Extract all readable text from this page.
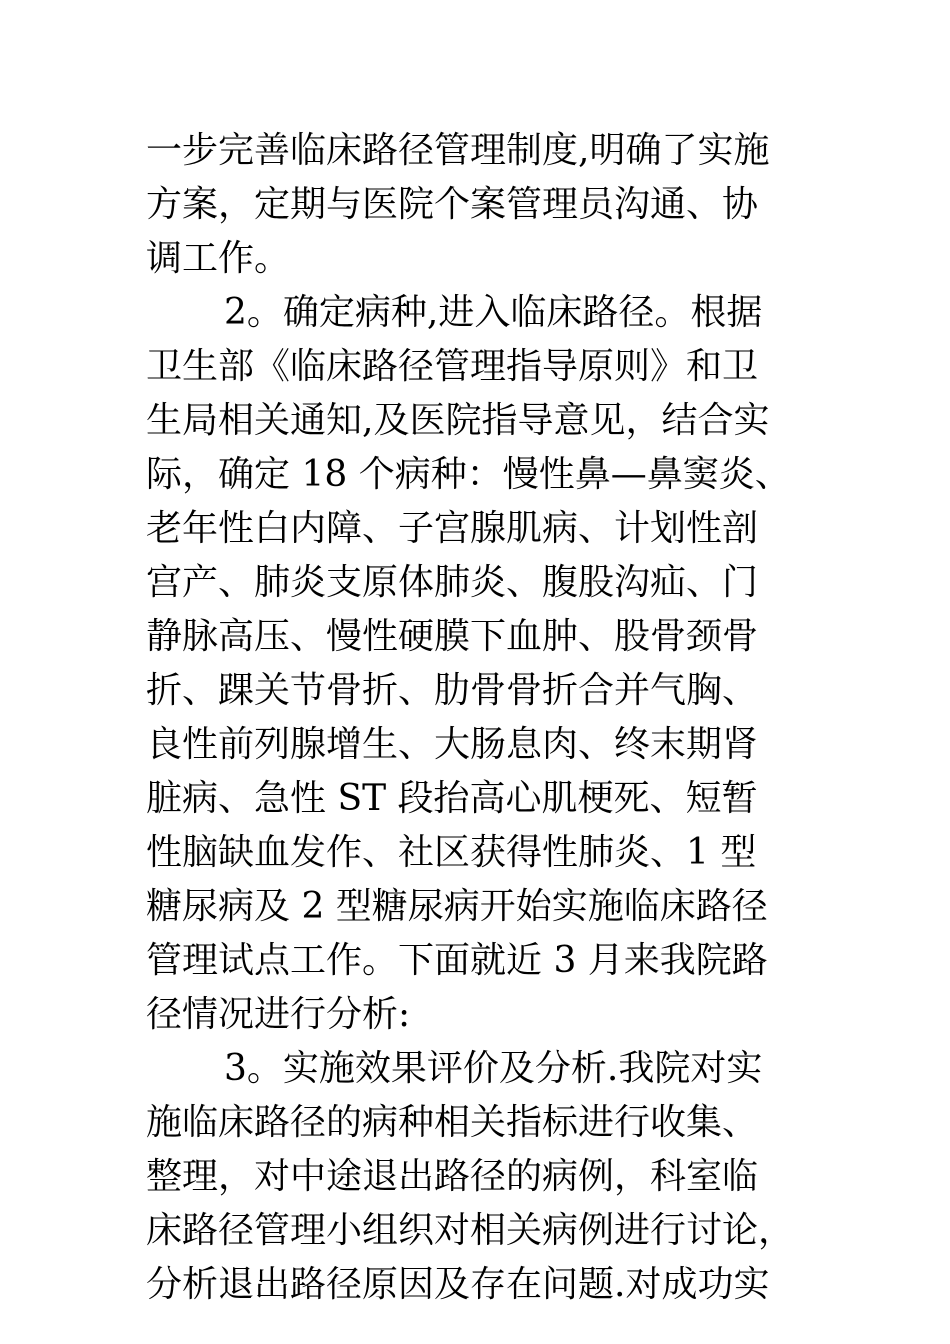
一步完善临床路径管理制度,明确了实施
方案，定期与医院个案管理员沟通、协
调工作。
2。确定病种,进入临床路径。根据
卫生部《临床路径管理指导原则》和卫
生局相关通知,及医院指导意见，结合实
际，确定 18 个病种：慢性鼻—鼻窦炎、
老年性白内障、子宫腺肌病、计划性剖
宫产、肺炎支原体肺炎、腹股沟疝、门
静脉高压、慢性硬膜下血肿、股骨颈骨
折、踝关节骨折、肋骨骨折合并气胸、
良性前列腺增生、大肠息肉、终末期肾
脏病、急性 ST 段抬高心肌梗死、短暂
性脑缺血发作、社区获得性肺炎、1 型
糖尿病及 2 型糖尿病开始实施临床路径
管理试点工作。下面就近 3 月来我院路
径情况进行分析:
3。实施效果评价及分析.我院对实
施临床路径的病种相关指标进行收集、
整理，对中途退出路径的病例，科室临
床路径管理小组织对相关病例进行讨论，
分析退出路径原因及存在问题.对成功实
